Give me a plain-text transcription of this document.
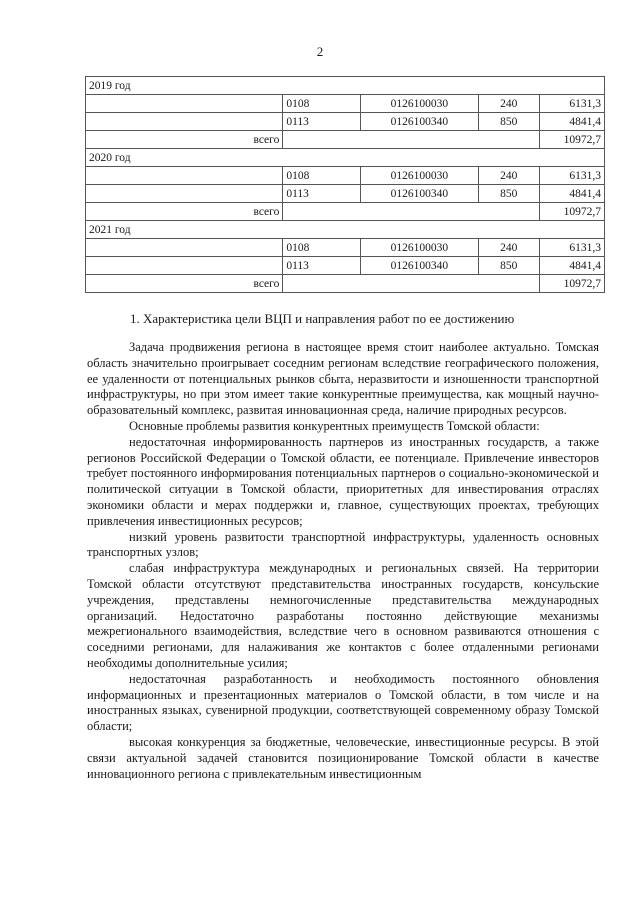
2
2019 год				
	0108	0126100030	240	6131,3
	0113	0126100340	850	4841,4
всего				10972,7
2020 год				
	0108	0126100030	240	6131,3
	0113	0126100340	850	4841,4
всего				10972,7
2021 год				
	0108	0126100030	240	6131,3
	0113	0126100340	850	4841,4
всего				10972,7
1. Характеристика цели ВЦП и направления работ по ее достижению

Задача продвижения региона в настоящее время стоит наиболее актуально. Томская область значительно проигрывает соседним регионам вследствие географического положения, ее удаленности от потенциальных рынков сбыта, неразвитости и изношенности транспортной инфраструктуры, но при этом имеет такие конкурентные преимущества, как мощный научно-образовательный комплекс, развитая инновационная среда, наличие природных ресурсов.

Основные проблемы развития конкурентных преимуществ Томской области:

недостаточная информированность партнеров из иностранных государств, а также регионов Российской Федерации о Томской области, ее потенциале. Привлечение инвесторов требует постоянного информирования потенциальных партнеров о социально-экономической и политической ситуации в Томской области, приоритетных для инвестирования отраслях экономики области и мерах поддержки и, главное, существующих проектах, требующих привлечения инвестиционных ресурсов;

низкий уровень развитости транспортной инфраструктуры, удаленность основных транспортных узлов;

слабая инфраструктура международных и региональных связей. На территории Томской области отсутствуют представительства иностранных государств, консульские учреждения, представлены немногочисленные представительства международных организаций. Недостаточно разработаны постоянно действующие механизмы межрегионального взаимодействия, вследствие чего в основном развиваются отношения с соседними регионами, для налаживания же контактов с более отдаленными регионами необходимы дополнительные усилия;

недостаточная разработанность и необходимость постоянного обновления информационных и презентационных материалов о Томской области, в том числе и на иностранных языках, сувенирной продукции, соответствующей современному образу Томской области;

высокая конкуренция за бюджетные, человеческие, инвестиционные ресурсы. В этой связи актуальной задачей становится позиционирование Томской области в качестве инновационного региона с привлекательным инвестиционным
